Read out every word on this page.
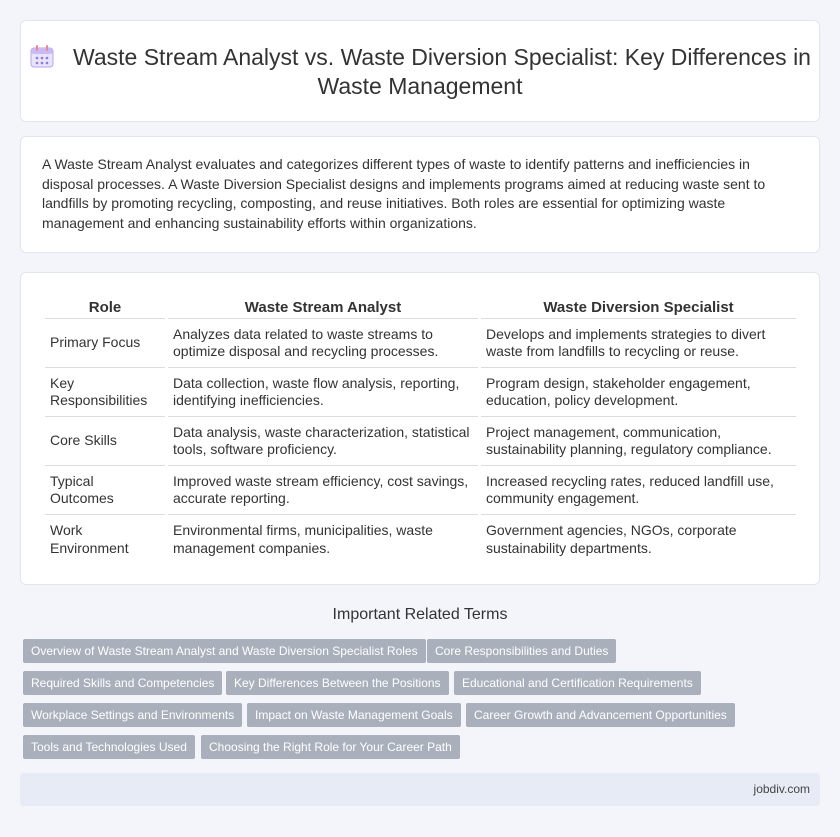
Waste Stream Analyst vs. Waste Diversion Specialist: Key Differences in Waste Management

A Waste Stream Analyst evaluates and categorizes different types of waste to identify patterns and inefficiencies in disposal processes. A Waste Diversion Specialist designs and implements programs aimed at reducing waste sent to landfills by promoting recycling, composting, and reuse initiatives. Both roles are essential for optimizing waste management and enhancing sustainability efforts within organizations.

Role	Waste Stream Analyst	Waste Diversion Specialist
Primary Focus	Analyzes data related to waste streams to optimize disposal and recycling processes.	Develops and implements strategies to divert waste from landfills to recycling or reuse.
Key Responsibilities	Data collection, waste flow analysis, reporting, identifying inefficiencies.	Program design, stakeholder engagement, education, policy development.
Core Skills	Data analysis, waste characterization, statistical tools, software proficiency.	Project management, communication, sustainability planning, regulatory compliance.
Typical Outcomes	Improved waste stream efficiency, cost savings, accurate reporting.	Increased recycling rates, reduced landfill use, community engagement.
Work Environment	Environmental firms, municipalities, waste management companies.	Government agencies, NGOs, corporate sustainability departments.
Important Related Terms
Overview of Waste Stream Analyst and Waste Diversion Specialist Roles	Core Responsibilities and Duties
Required Skills and Competencies	Key Differences Between the Positions	Educational and Certification Requirements
Workplace Settings and Environments	Impact on Waste Management Goals	Career Growth and Advancement Opportunities
Tools and Technologies Used	Choosing the Right Role for Your Career Path
jobdiv.com
